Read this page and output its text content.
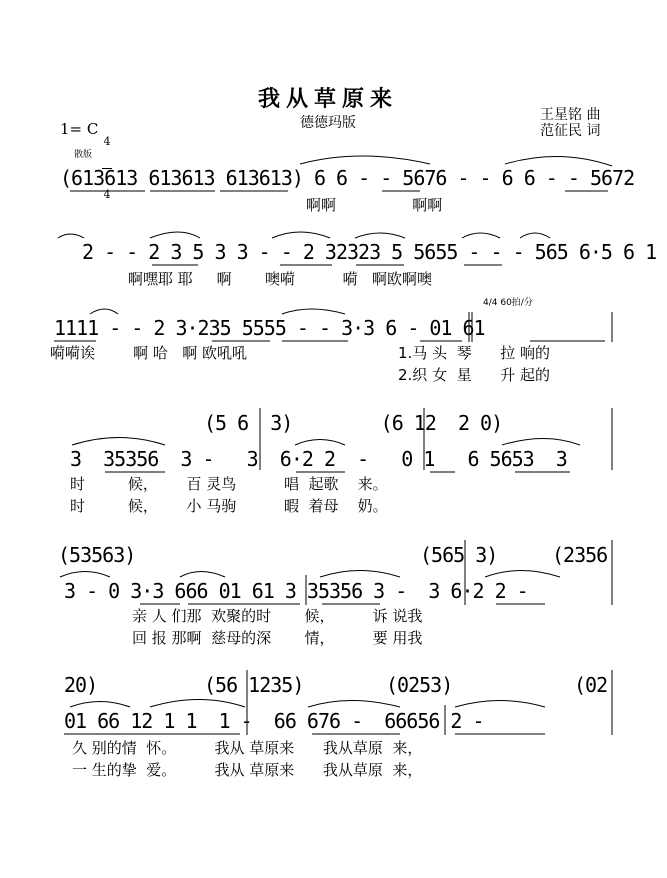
我从草原来
德德玛版	王星铭 曲
范征民 词
1= C

4

4

散版
(613613 613613 613613) 6 6 - - 5676 - - 6 6 - - 5672
啊啊                啊啊
2 - - 2 3 5 3 3 - - 2 32323 5 5655 - - - 565 6·5 6 1
啊嘿耶 耶     啊       噢嗬          嗬   啊欧啊噢
4/4 60拍/分
1111 - - 2 3·235 5555 - - 3·3 6 - 01 61
嗬嗬诶        啊 哈   啊 欧吼吼	1.马 头  琴      拉 响的
2.织 女  星      升 起的
(5 6  3)        (6 12  2 0)
3  35356  3 -   3  6·2 2  -   0 1   6 5653  3
时         候，      百 灵鸟          唱  起歌    来。
时         候，      小 马驹          暇  着母    奶。
(53563)	(565 3)	(2356
3 - 0 3·3 666 01 61 3 35356 3 -  3 6·2 2 -
亲 人 们那  欢聚的时       候，        诉 说我
回 报 那啊  慈母的深       情，        要 用我
20)	(56 1235)	(0253)	(02
01 66 12 1 1  1 -  66 676 -  66656 2 -
久 别的情  怀。        我从 草原来      我从草原  来，
一 生的挚  爱。        我从 草原来      我从草原  来，
